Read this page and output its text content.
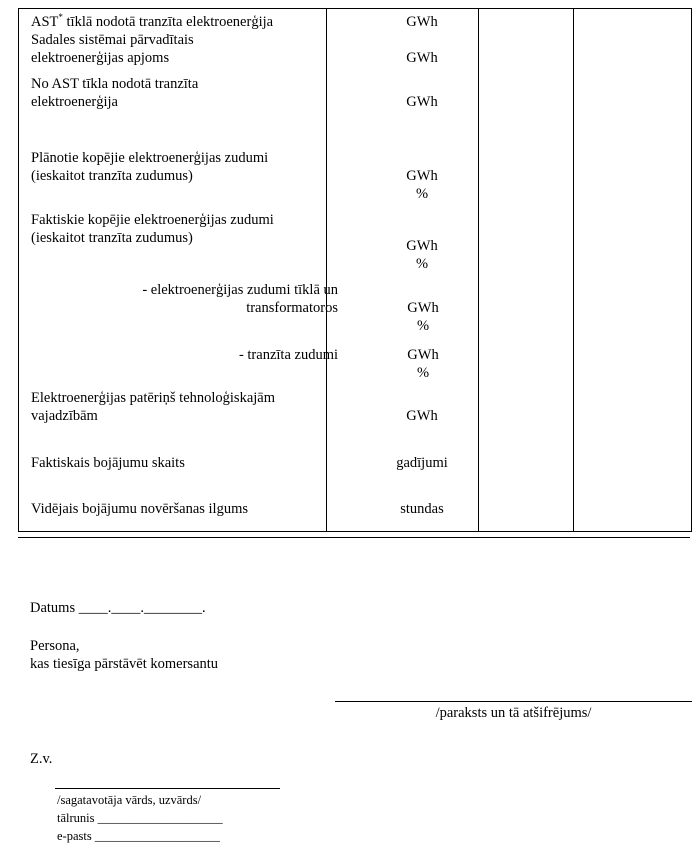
AST* tīklā nodotā tranzīta elektroenerģija	GWh
Sadales sistēmai pārvadītais
elektroenerģijas apjoms	GWh
No AST tīkla nodotā tranzīta
elektroenerģija	GWh
Plānotie kopējie elektroenerģijas zudumi
(ieskaitot tranzīta zudumus)	GWh
%
Faktiskie kopējie elektroenerģijas zudumi
(ieskaitot tranzīta zudumus)	GWh
%
- elektroenerģijas zudumi tīklā un
transformatoros	GWh
%
- tranzīta zudumi	GWh
%
Elektroenerģijas patēriņš tehnoloģiskajām
vajadzībām	GWh
Faktiskais bojājumu skaits	gadījumi
Vidējais bojājumu novēršanas ilgums	stundas
Datums ____.____.________.
Persona,
kas tiesīga pārstāvēt komersantu
/paraksts un tā atšifrējums/
Z.v.
/sagatavotāja vārds, uzvārds/
tālrunis ____________________
e-pasts ____________________
